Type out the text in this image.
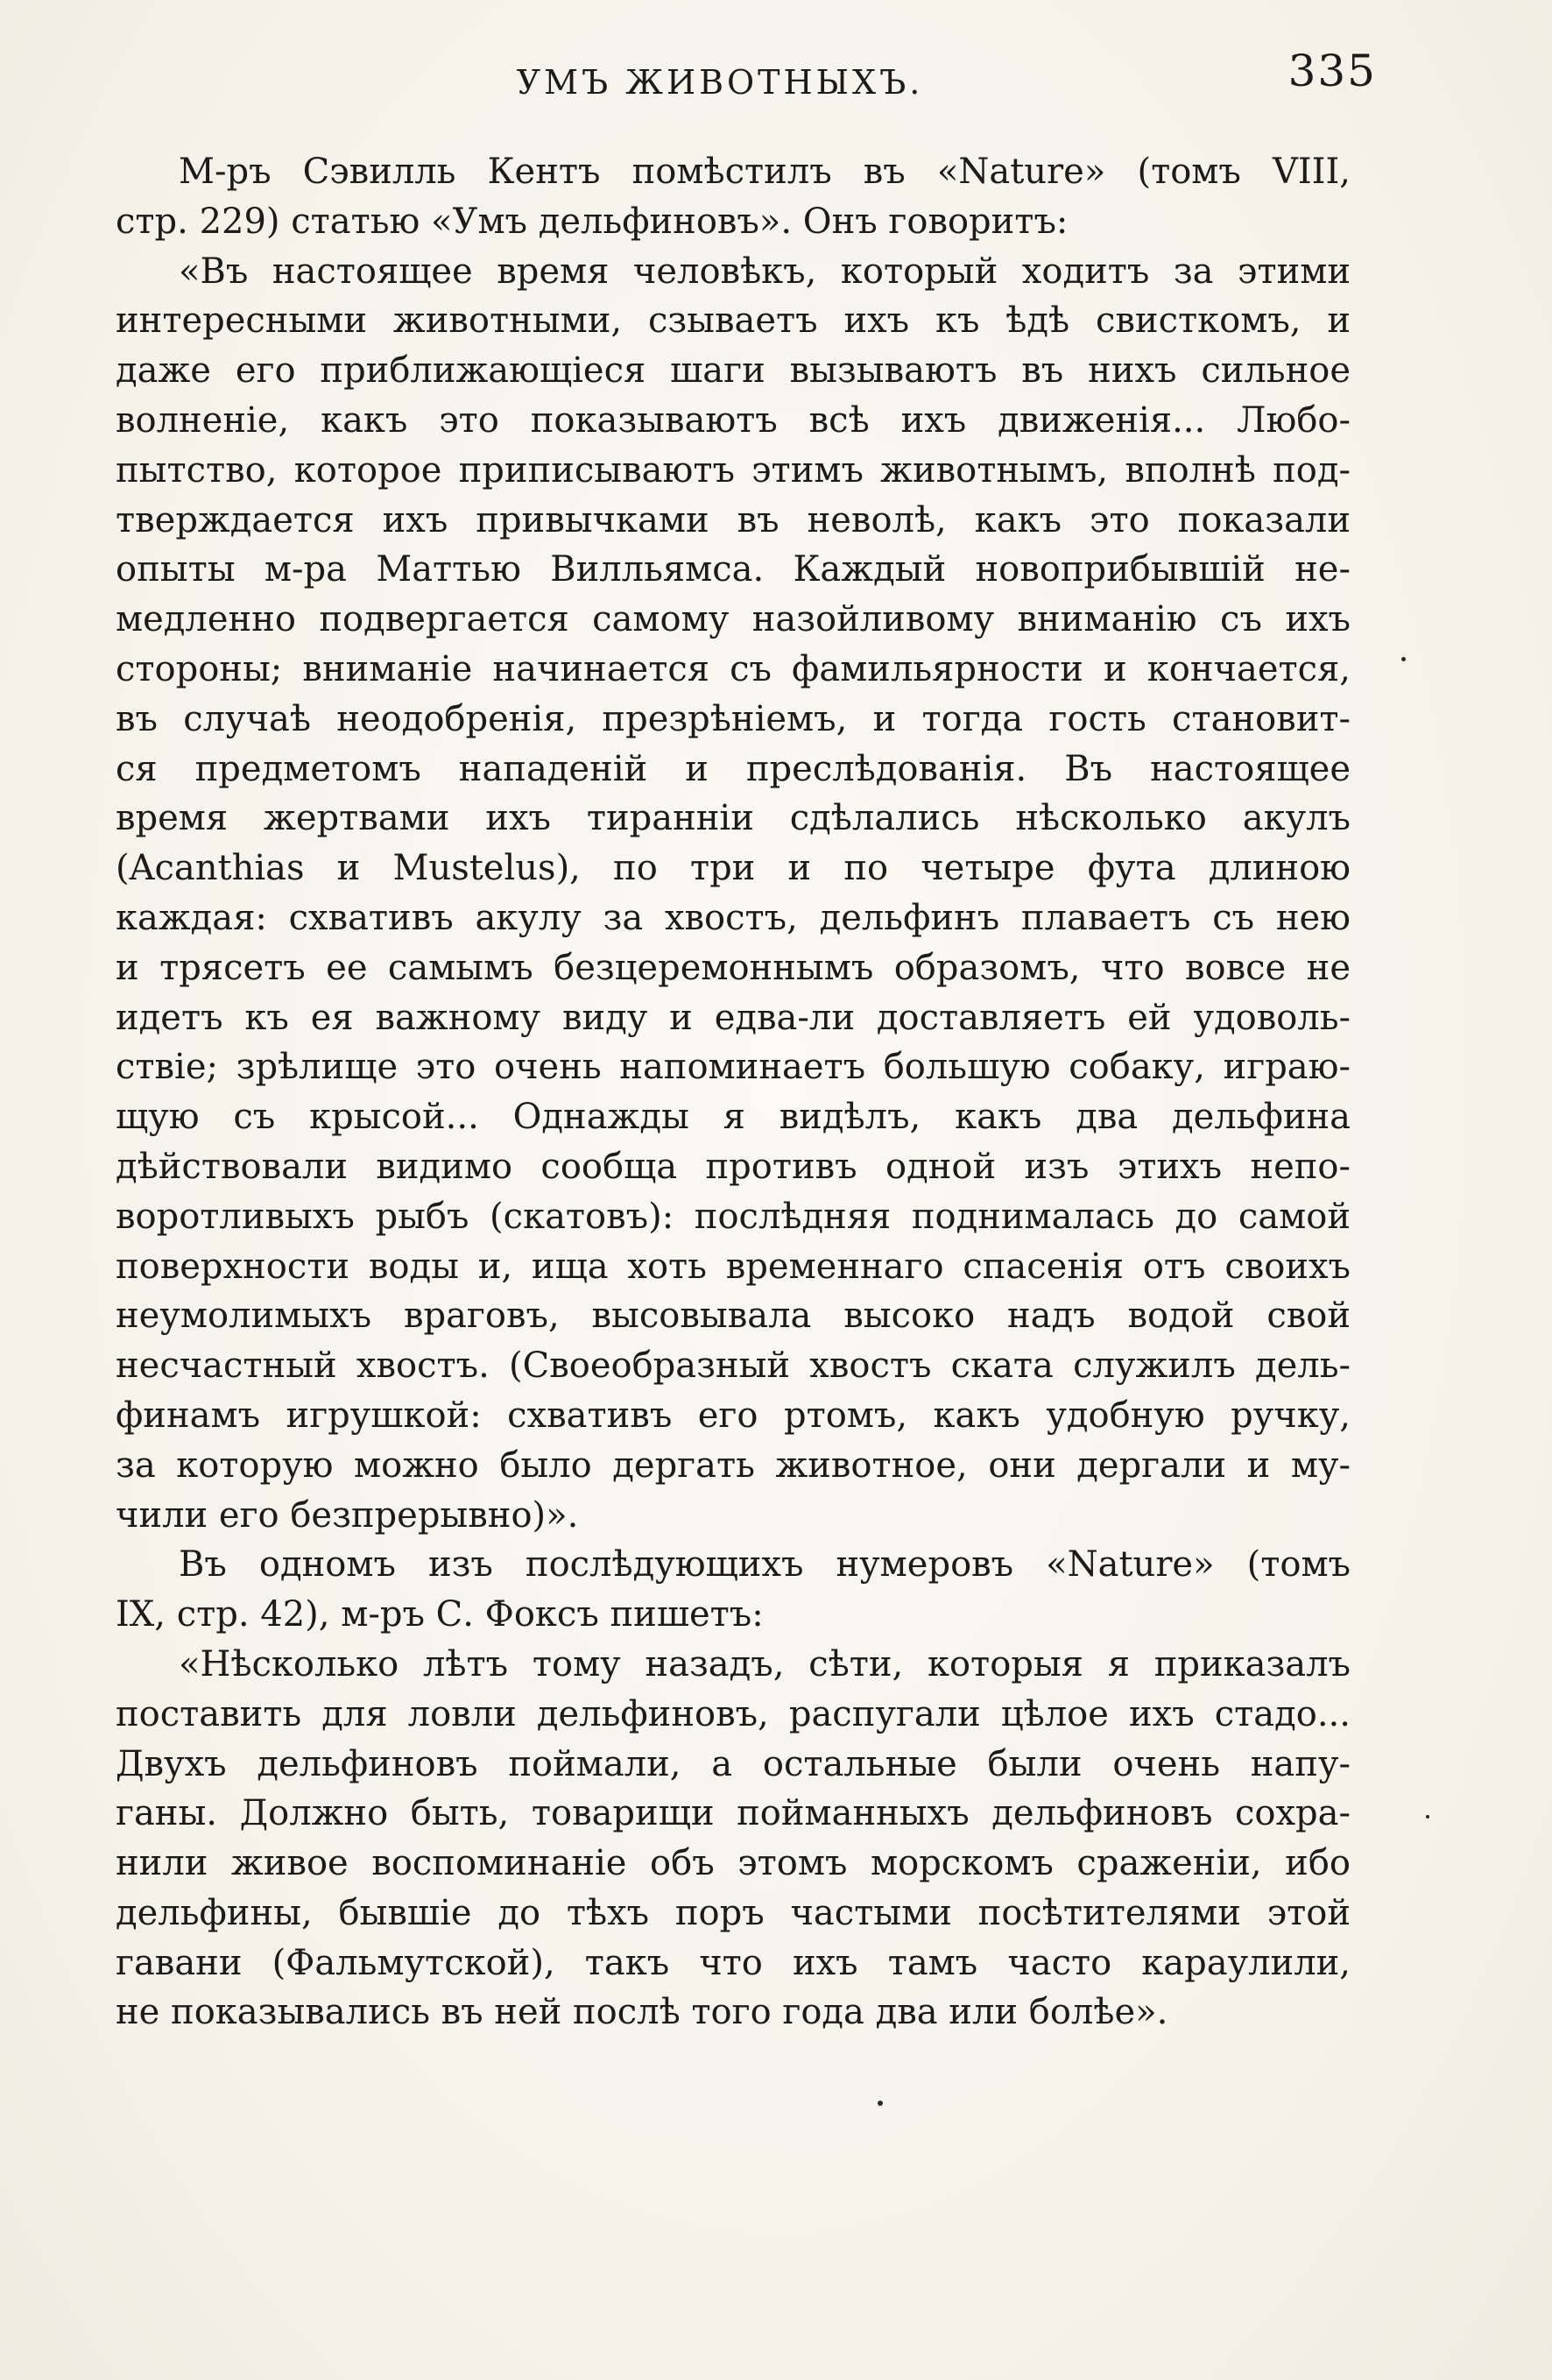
УМЪ ЖИВОТНЫХЪ.	335
М-ръ Сэвилль Кентъ помѣстилъ въ «Nature» (томъ VIII,
стр. 229) статью «Умъ дельфиновъ». Онъ говоритъ:
«Въ настоящее время человѣкъ, который ходитъ за этими
интересными животными, сзываетъ ихъ къ ѣдѣ свисткомъ, и
даже его приближающіеся шаги вызываютъ въ нихъ сильное
волненіе, какъ это показываютъ всѣ ихъ движенія... Любо-
пытство, которое приписываютъ этимъ животнымъ, вполнѣ под-
тверждается ихъ привычками въ неволѣ, какъ это показали
опыты м-ра Маттью Вилльямса. Каждый новоприбывшій не-
медленно подвергается самому назойливому вниманію съ ихъ
стороны; вниманіе начинается съ фамильярности и кончается,
въ случаѣ неодобренія, презрѣніемъ, и тогда гость становит-
ся предметомъ нападеній и преслѣдованія. Въ настоящее
время жертвами ихъ тиранніи сдѣлались нѣсколько акулъ
(Acanthias и Mustelus), по три и по четыре фута длиною
каждая: схвативъ акулу за хвостъ, дельфинъ плаваетъ съ нею
и трясетъ ее самымъ безцеремоннымъ образомъ, что вовсе не
идетъ къ ея важному виду и едва-ли доставляетъ ей удоволь-
ствіе; зрѣлище это очень напоминаетъ большую собаку, играю-
щую съ крысой... Однажды я видѣлъ, какъ два дельфина
дѣйствовали видимо сообща противъ одной изъ этихъ непо-
воротливыхъ рыбъ (скатовъ): послѣдняя поднималась до самой
поверхности воды и, ища хоть временнаго спасенія отъ своихъ
неумолимыхъ враговъ, высовывала высоко надъ водой свой
несчастный хвостъ. (Своеобразный хвостъ ската служилъ дель-
финамъ игрушкой: схвативъ его ртомъ, какъ удобную ручку,
за которую можно было дергать животное, они дергали и му-
чили его безпрерывно)».
Въ одномъ изъ послѣдующихъ нумеровъ «Nature» (томъ
IX, стр. 42), м-ръ С. Фоксъ пишетъ:
«Нѣсколько лѣтъ тому назадъ, сѣти, которыя я приказалъ
поставить для ловли дельфиновъ, распугали цѣлое ихъ стадо...
Двухъ дельфиновъ поймали, а остальные были очень напу-
ганы. Должно быть, товарищи пойманныхъ дельфиновъ сохра-
нили живое воспоминаніе объ этомъ морскомъ сраженіи, ибо
дельфины, бывшіе до тѣхъ поръ частыми посѣтителями этой
гавани (Фальмутской), такъ что ихъ тамъ часто караулили,
не показывались въ ней послѣ того года два или болѣе».
